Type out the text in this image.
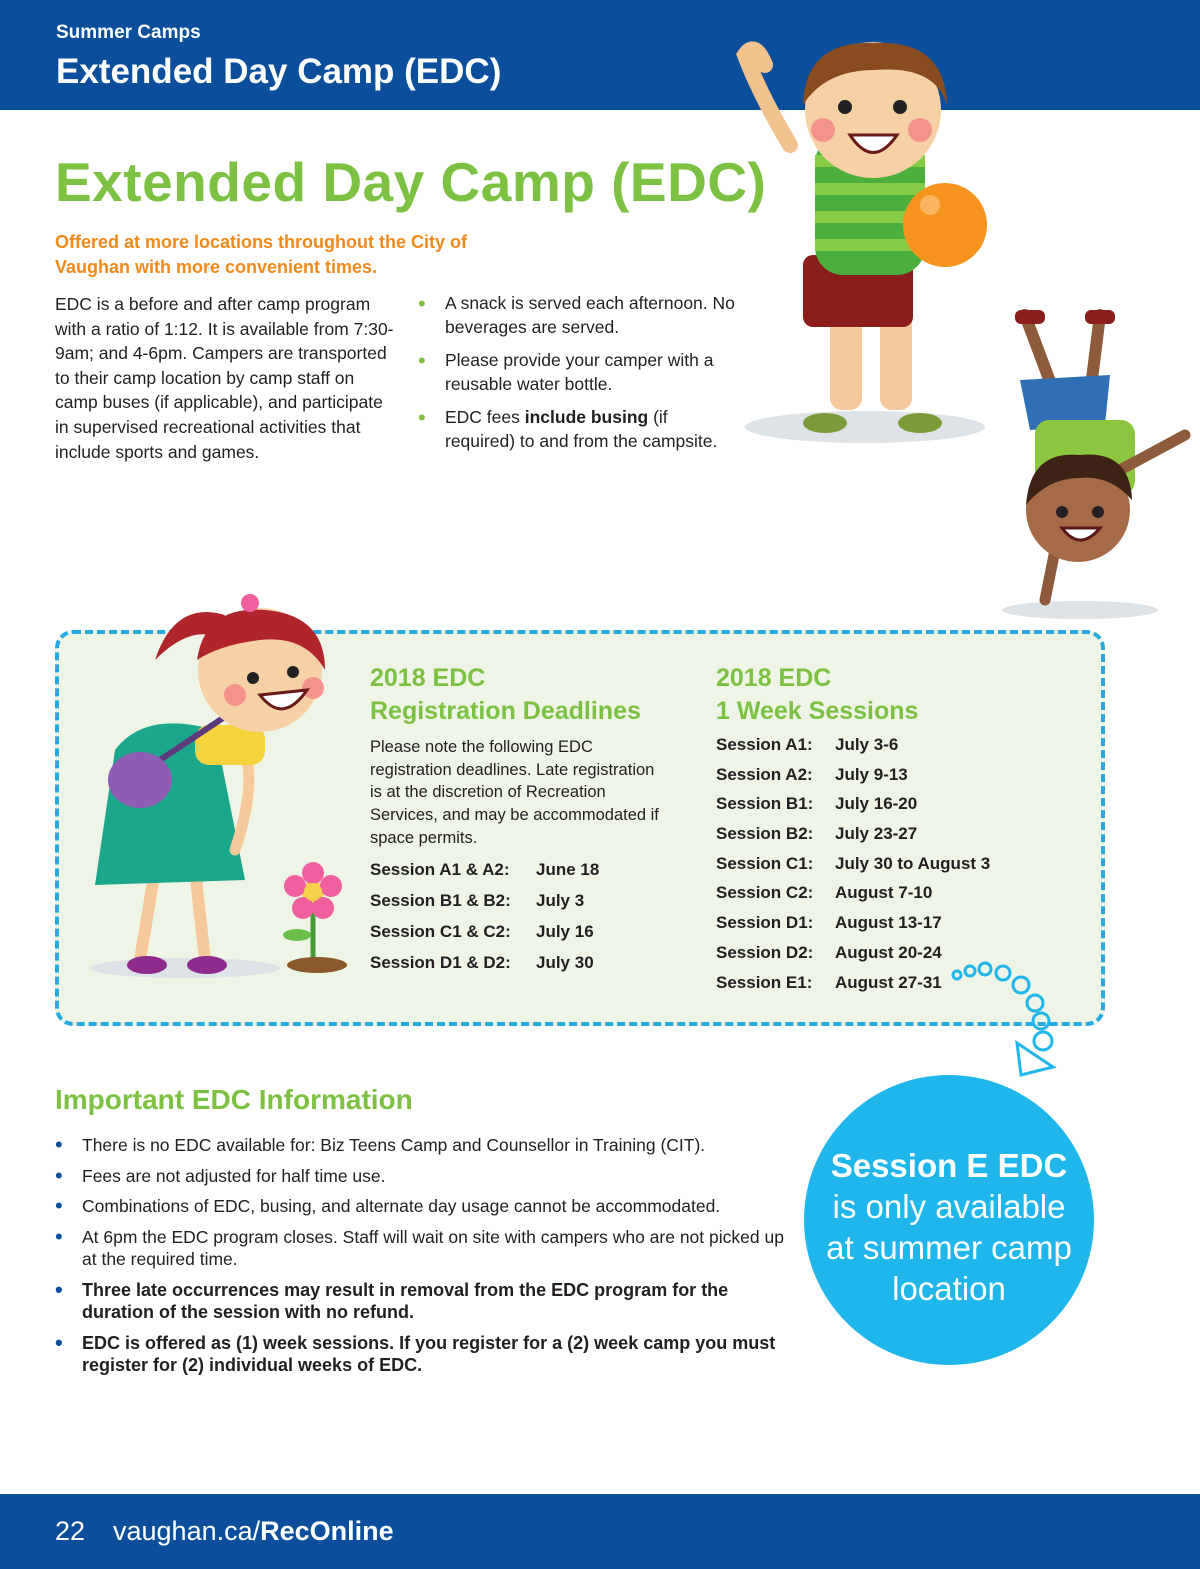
Summer Camps
Extended Day Camp (EDC)
Extended Day Camp (EDC)
Offered at more locations throughout the City of Vaughan with more convenient times.
EDC is a before and after camp program with a ratio of 1:12. It is available from 7:30-9am; and 4-6pm. Campers are transported to their camp location by camp staff on camp buses (if applicable), and participate in supervised recreational activities that include sports and games.
• A snack is served each afternoon. No beverages are served.
• Please provide your camper with a reusable water bottle.
• EDC fees include busing (if required) to and from the campsite.
2018 EDC
Registration Deadlines
Please note the following EDC registration deadlines. Late registration is at the discretion of Recreation Services, and may be accommodated if space permits.
Session A1 & A2:	June 18
Session B1 & B2:	July 3
Session C1 & C2:	July 16
Session D1 & D2:	July 30
2018 EDC
1 Week Sessions
Session A1:	July 3-6
Session A2:	July 9-13
Session B1:	July 16-20
Session B2:	July 23-27
Session C1:	July 30 to August 3
Session C2:	August 7-10
Session D1:	August 13-17
Session D2:	August 20-24
Session E1:	August 27-31
Important EDC Information
• There is no EDC available for: Biz Teens Camp and Counsellor in Training (CIT).
• Fees are not adjusted for half time use.
• Combinations of EDC, busing, and alternate day usage cannot be accommodated.
• At 6pm the EDC program closes. Staff will wait on site with campers who are not picked up at the required time.
• Three late occurrences may result in removal from the EDC program for the duration of the session with no refund.
• EDC is offered as (1) week sessions. If you register for a (2) week camp you must register for (2) individual weeks of EDC.
Session E EDC
is only available
at summer camp
location
22 vaughan.ca/RecOnline
